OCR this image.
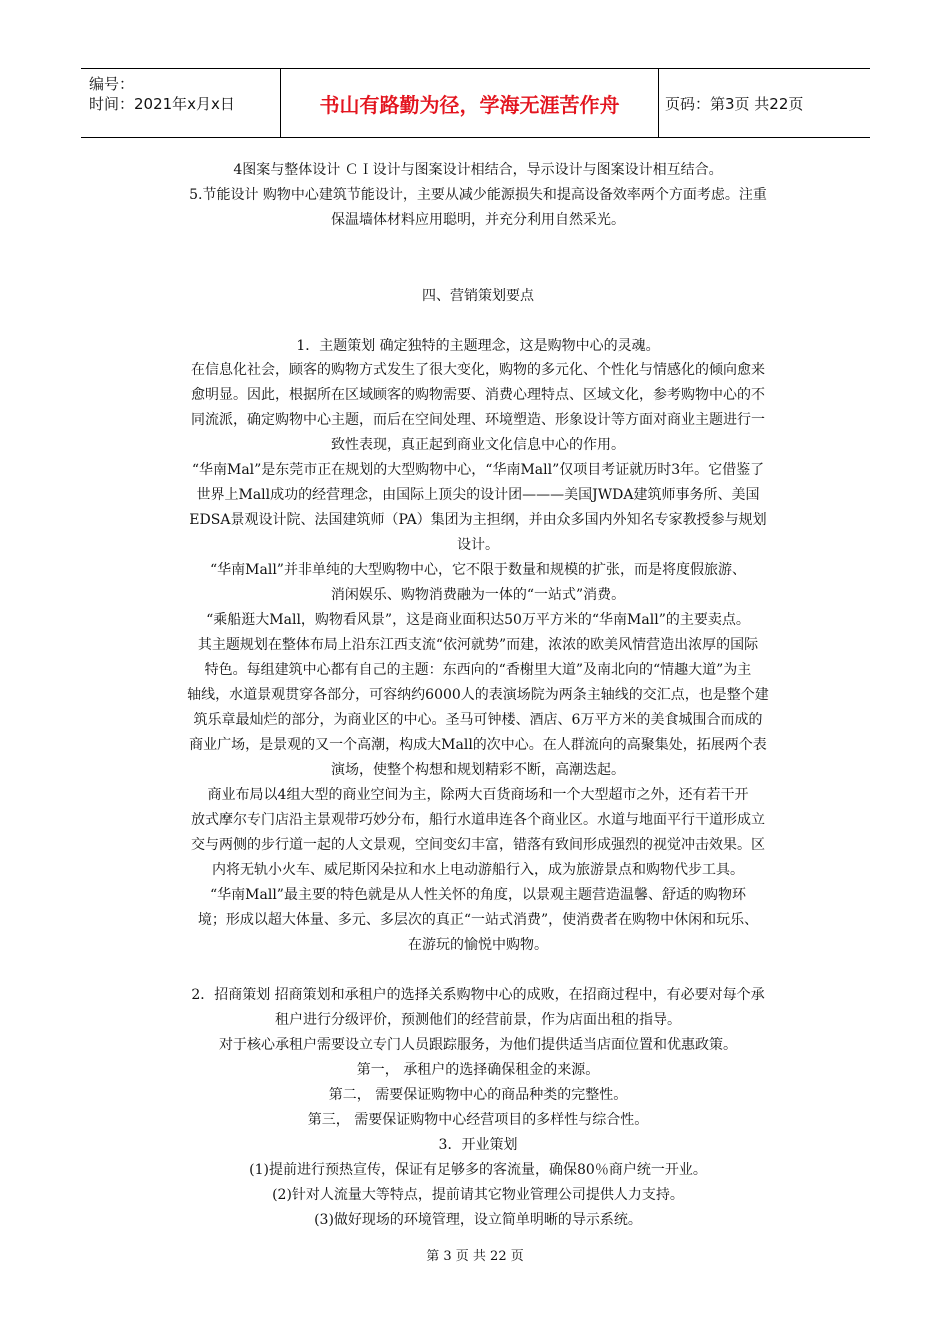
编号：
时间：2021年x月x日	书山有路勤为径，学海无涯苦作舟	页码：第3页 共22页
4图案与整体设计 ＣＩ设计与图案设计相结合，导示设计与图案设计相互结合。
5.节能设计 购物中心建筑节能设计，主要从减少能源损失和提高设备效率两个方面考虑。注重
保温墙体材料应用聪明，并充分利用自然采光。
四、营销策划要点
1．主题策划 确定独特的主题理念，这是购物中心的灵魂。
在信息化社会，顾客的购物方式发生了很大变化，购物的多元化、个性化与情感化的倾向愈来
愈明显。因此，根据所在区域顾客的购物需要、消费心理特点、区域文化，参考购物中心的不
同流派，确定购物中心主题，而后在空间处理、环境塑造、形象设计等方面对商业主题进行一
致性表现，真正起到商业文化信息中心的作用。
“华南Mal”是东莞市正在规划的大型购物中心，“华南Mall”仅项目考证就历时3年。它借鉴了
世界上Mall成功的经营理念，由国际上顶尖的设计团———美国JWDA建筑师事务所、美国
EDSA景观设计院、法国建筑师（PA）集团为主担纲，并由众多国内外知名专家教授参与规划
设计。
“华南Mall”并非单纯的大型购物中心，它不限于数量和规模的扩张，而是将度假旅游、
消闲娱乐、购物消费融为一体的“一站式”消费。
“乘船逛大Mall，购物看风景”，这是商业面积达50万平方米的“华南Mall”的主要卖点。
其主题规划在整体布局上沿东江西支流“依河就势”而建，浓浓的欧美风情营造出浓厚的国际
特色。每组建筑中心都有自己的主题：东西向的“香榭里大道”及南北向的“情趣大道”为主
轴线，水道景观贯穿各部分，可容纳约6000人的表演场院为两条主轴线的交汇点，也是整个建
筑乐章最灿烂的部分，为商业区的中心。圣马可钟楼、酒店、6万平方米的美食城围合而成的
商业广场，是景观的又一个高潮，构成大Mall的次中心。在人群流向的高聚集处，拓展两个表
演场，使整个构想和规划精彩不断，高潮迭起。
商业布局以4组大型的商业空间为主，除两大百货商场和一个大型超市之外，还有若干开
放式摩尔专门店沿主景观带巧妙分布，船行水道串连各个商业区。水道与地面平行干道形成立
交与两侧的步行道一起的人文景观，空间变幻丰富，错落有致间形成强烈的视觉冲击效果。区
内将无轨小火车、威尼斯冈朵拉和水上电动游船行入，成为旅游景点和购物代步工具。
“华南Mall”最主要的特色就是从人性关怀的角度，以景观主题营造温馨、舒适的购物环
境；形成以超大体量、多元、多层次的真正“一站式消费”，使消费者在购物中休闲和玩乐、
在游玩的愉悦中购物。
2．招商策划 招商策划和承租户的选择关系购物中心的成败，在招商过程中，有必要对每个承
租户进行分级评价，预测他们的经营前景，作为店面出租的指导。
对于核心承租户需要设立专门人员跟踪服务，为他们提供适当店面位置和优惠政策。
第一， 承租户的选择确保租金的来源。
第二， 需要保证购物中心的商品种类的完整性。
第三， 需要保证购物中心经营项目的多样性与综合性。
3．开业策划
(1)提前进行预热宣传，保证有足够多的客流量，确保80％商户统一开业。
(2)针对人流量大等特点，提前请其它物业管理公司提供人力支持。
(3)做好现场的环境管理，设立简单明晰的导示系统。
第 3 页 共 22 页
